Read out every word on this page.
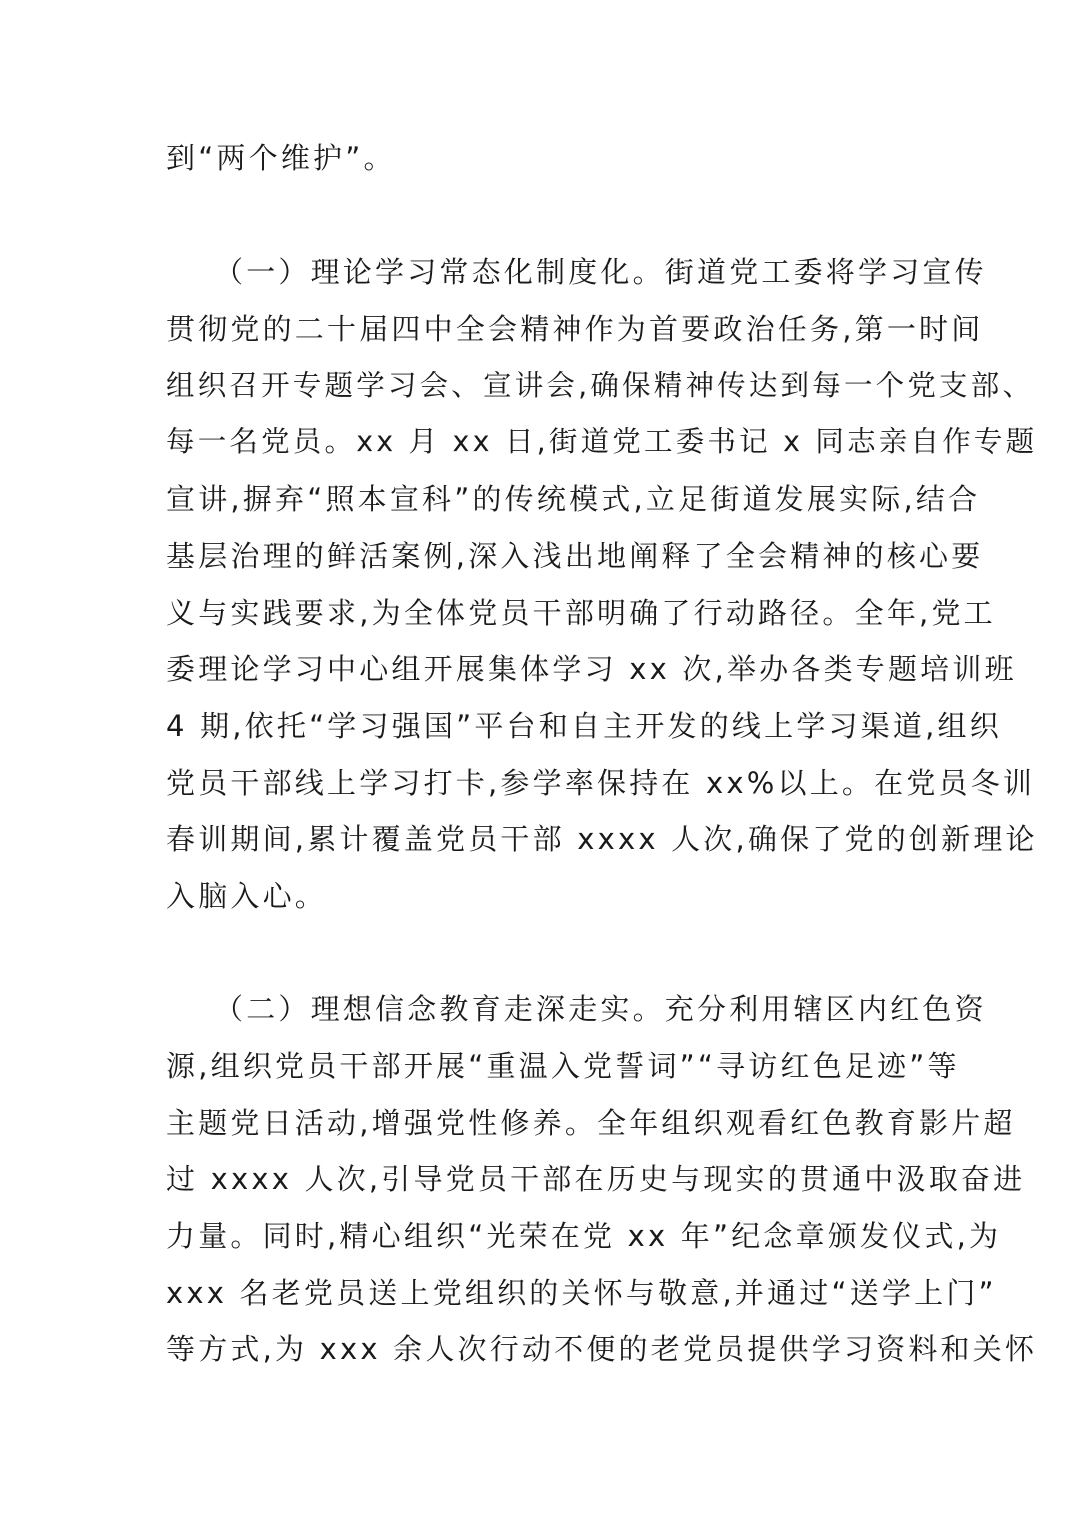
到“两个维护”。
（一）理论学习常态化制度化。街道党工委将学习宣传
贯彻党的二十届四中全会精神作为首要政治任务,第一时间
组织召开专题学习会、宣讲会,确保精神传达到每一个党支部、
每一名党员。xx 月 xx 日,街道党工委书记 x 同志亲自作专题
宣讲,摒弃“照本宣科”的传统模式,立足街道发展实际,结合
基层治理的鲜活案例,深入浅出地阐释了全会精神的核心要
义与实践要求,为全体党员干部明确了行动路径。全年,党工
委理论学习中心组开展集体学习 xx 次,举办各类专题培训班
4 期,依托“学习强国”平台和自主开发的线上学习渠道,组织
党员干部线上学习打卡,参学率保持在 xx%以上。在党员冬训
春训期间,累计覆盖党员干部 xxxx 人次,确保了党的创新理论
入脑入心。
（二）理想信念教育走深走实。充分利用辖区内红色资
源,组织党员干部开展“重温入党誓词”“寻访红色足迹”等
主题党日活动,增强党性修养。全年组织观看红色教育影片超
过 xxxx 人次,引导党员干部在历史与现实的贯通中汲取奋进
力量。同时,精心组织“光荣在党 xx 年”纪念章颁发仪式,为
xxx 名老党员送上党组织的关怀与敬意,并通过“送学上门”
等方式,为 xxx 余人次行动不便的老党员提供学习资料和关怀
